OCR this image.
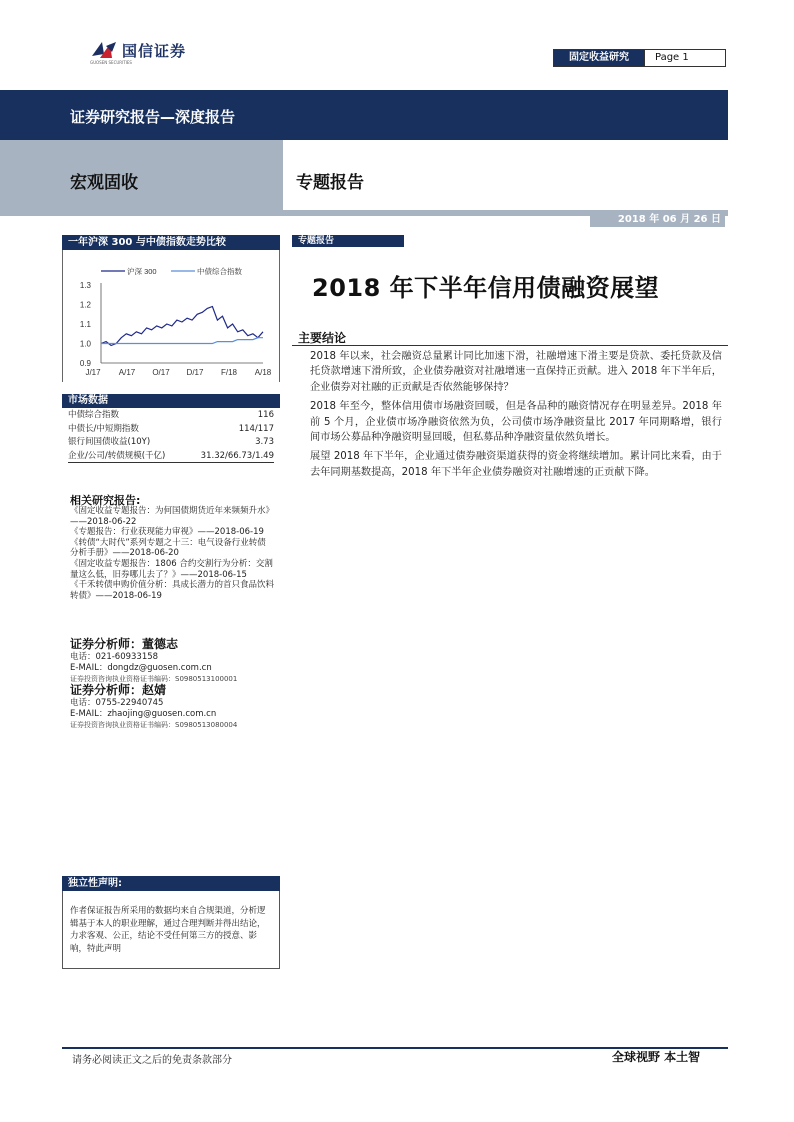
国信证券
GUOSEN SECURITIES	固定收益研究	Page 1
证券研究报告—深度报告
宏观固收	专题报告
2018 年 06 月 26 日
一年沪深 300 与中债指数走势比较
1.3
1.2
1.1
1.0
0.9
J/17 A/17 O/17 D/17 F/18 A/18
沪深 300	中债综合指数
市场数据
中债综合指数	116
中债长/中短期指数	114/117
银行间国债收益(10Y)	3.73
企业/公司/转债规模(千亿)	31.32/66.73/1.49
相关研究报告:
《固定收益专题报告：为何国债期货近年来频频升水》——2018-06-22
《专题报告：行业获现能力审视》——2018-06-19
《转债“大时代”系列专题之十三：电气设备行业转债分析手册》——2018-06-20
《固定收益专题报告：1806 合约交割行为分析：交割量这么低，旧券哪儿去了？》——2018-06-15
《千禾转债申购价值分析：具成长潜力的首只食品饮料转债》——2018-06-19
证券分析师：董德志
电话：021-60933158
E-MAIL：dongdz@guosen.com.cn
证券投资咨询执业资格证书编码：S0980513100001
证券分析师：赵婧
电话：0755-22940745
E-MAIL：zhaojing@guosen.com.cn
证券投资咨询执业资格证书编码：S0980513080004
独立性声明:
作者保证报告所采用的数据均来自合规渠道，分析逻辑基于本人的职业理解，通过合理判断并得出结论，力求客观、公正，结论不受任何第三方的授意、影响，特此声明
专题报告
2018 年下半年信用债融资展望
主要结论

2018 年以来，社会融资总量累计同比加速下滑，社融增速下滑主要是贷款、委托贷款及信托贷款增速下滑所致，企业债券融资对社融增速一直保持正贡献。进入 2018 年下半年后，企业债券对社融的正贡献是否依然能够保持？

2018 年至今，整体信用债市场融资回暖，但是各品种的融资情况存在明显差异。2018 年前 5 个月，企业债市场净融资依然为负，公司债市场净融资量比 2017 年同期略增，银行间市场公募品种净融资明显回暖，但私募品种净融资量依然负增长。

展望 2018 年下半年，企业通过债券融资渠道获得的资金将继续增加。累计同比来看，由于去年同期基数提高，2018 年下半年企业债券融资对社融增速的正贡献下降。

请务必阅读正文之后的免责条款部分	全球视野 本土智
